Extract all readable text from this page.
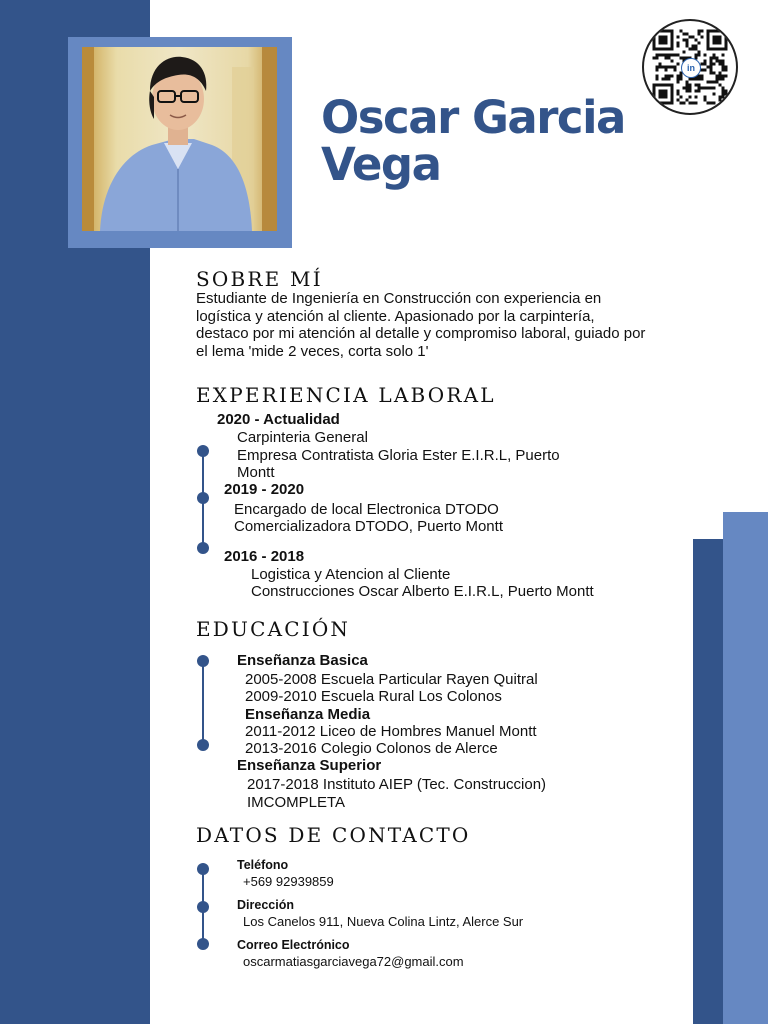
Oscar Garcia
Vega
in
SOBRE MÍ

Estudiante de Ingeniería en Construcción con experiencia en logística y atención al cliente. Apasionado por la carpintería, destaco por mi atención al detalle y compromiso laboral, guiado por el lema 'mide 2 veces, corta solo 1'

EXPERIENCIA LABORAL

2020 - Actualidad

Carpinteria General

Empresa Contratista Gloria Ester E.I.R.L, Puerto

Montt

2019 - 2020

Encargado de local Electronica DTODO

Comercializadora DTODO, Puerto Montt

2016 - 2018

Logistica y Atencion al Cliente

Construcciones Oscar Alberto E.I.R.L, Puerto Montt

EDUCACIÓN

Enseñanza Basica

2005-2008 Escuela Particular Rayen Quitral

2009-2010 Escuela Rural Los Colonos

Enseñanza Media

2011-2012 Liceo de Hombres Manuel Montt

2013-2016 Colegio Colonos de Alerce

Enseñanza Superior

2017-2018 Instituto AIEP (Tec. Construccion)

IMCOMPLETA

DATOS DE CONTACTO

Teléfono

+569 92939859

Dirección

Los Canelos 911, Nueva Colina Lintz, Alerce Sur

Correo Electrónico

oscarmatiasgarciavega72@gmail.com
